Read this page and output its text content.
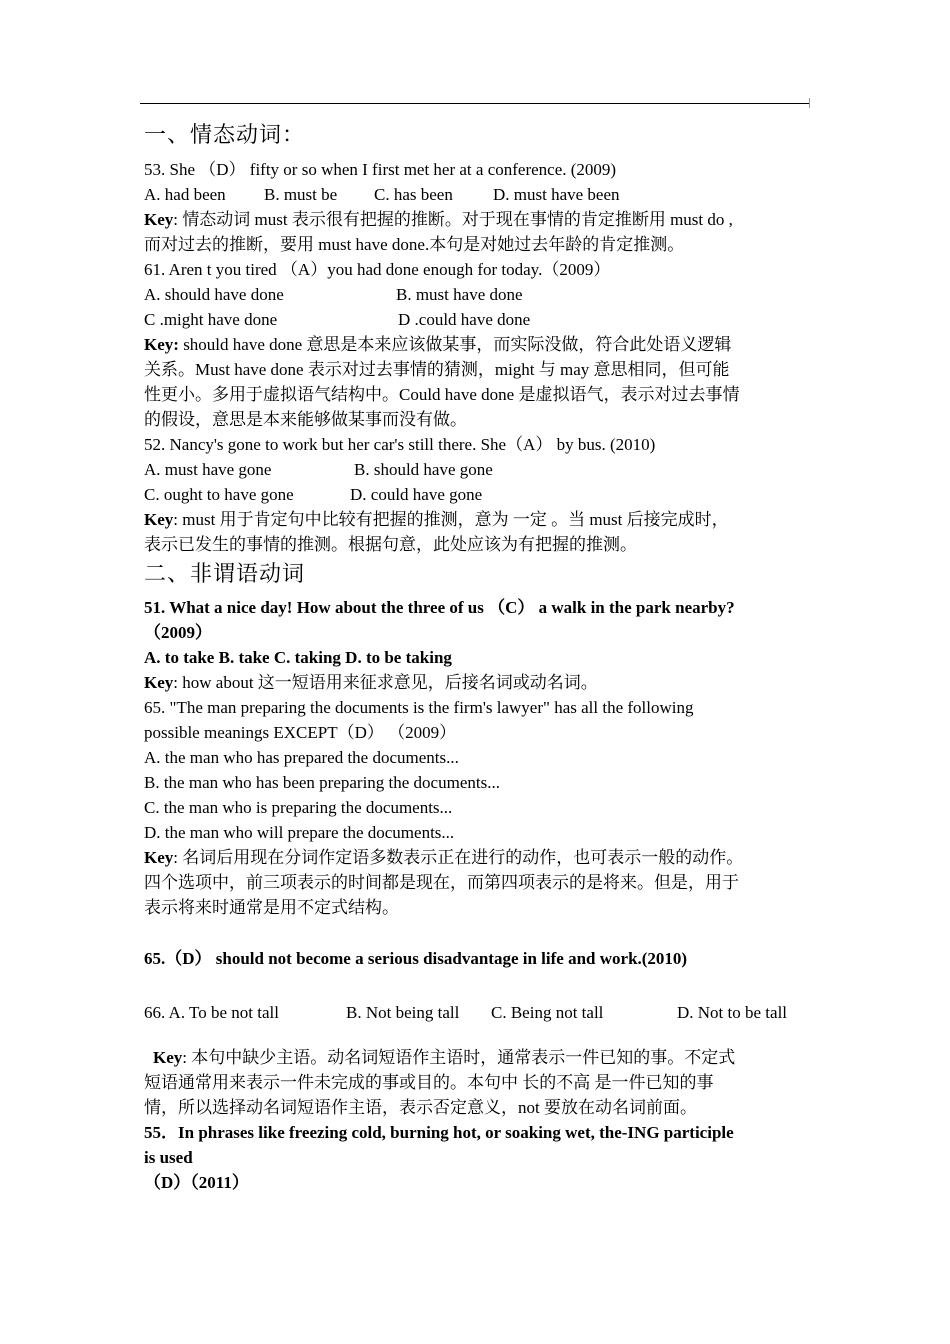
一、情态动词：
53. She （D） fifty or so when I first met her at a conference. (2009)
A. had been B. must be C. has been D. must have been
Key: 情态动词 must 表示很有把握的推断。对于现在事情的肯定推断用 must do ,
而对过去的推断，要用 must have done.本句是对她过去年龄的肯定推测。
61. Aren t you tired （A）you had done enough for today.（2009）
A. should have done	B. must have done
C .might have done	D .could have done
Key: should have done 意思是本来应该做某事，而实际没做，符合此处语义逻辑
关系。Must have done 表示对过去事情的猜测，might 与 may 意思相同，但可能
性更小。多用于虚拟语气结构中。Could have done 是虚拟语气，表示对过去事情
的假设，意思是本来能够做某事而没有做。
52. Nancy's gone to work but her car's still there. She（A） by bus. (2010)
A. must have gone	B. should have gone
C. ought to have gone	D. could have gone
Key: must 用于肯定句中比较有把握的推测，意为 一定 。当 must 后接完成时，
表示已发生的事情的推测。根据句意，此处应该为有把握的推测。
二、非谓语动词
51. What a nice day! How about the three of us （C） a walk in the park nearby?
（2009）
A. to take B. take C. taking D. to be taking
Key: how about 这一短语用来征求意见，后接名词或动名词。
65. "The man preparing the documents is the firm's lawyer" has all the following
possible meanings EXCEPT（D） （2009）
A. the man who has prepared the documents...
B. the man who has been preparing the documents...
C. the man who is preparing the documents...
D. the man who will prepare the documents...
Key: 名词后用现在分词作定语多数表示正在进行的动作，也可表示一般的动作。
四个选项中，前三项表示的时间都是现在，而第四项表示的是将来。但是，用于
表示将来时通常是用不定式结构。
65.（D） should not become a serious disadvantage in life and work.(2010)
66. A. To be not tall	B. Not being tall C. Being not tall	D. Not to be tall
Key: 本句中缺少主语。动名词短语作主语时，通常表示一件已知的事。不定式
短语通常用来表示一件未完成的事或目的。本句中 长的不高 是一件已知的事
情，所以选择动名词短语作主语，表示否定意义，not 要放在动名词前面。
55．In phrases like freezing cold, burning hot, or soaking wet, the-ING participle
is used
（D）（2011）
